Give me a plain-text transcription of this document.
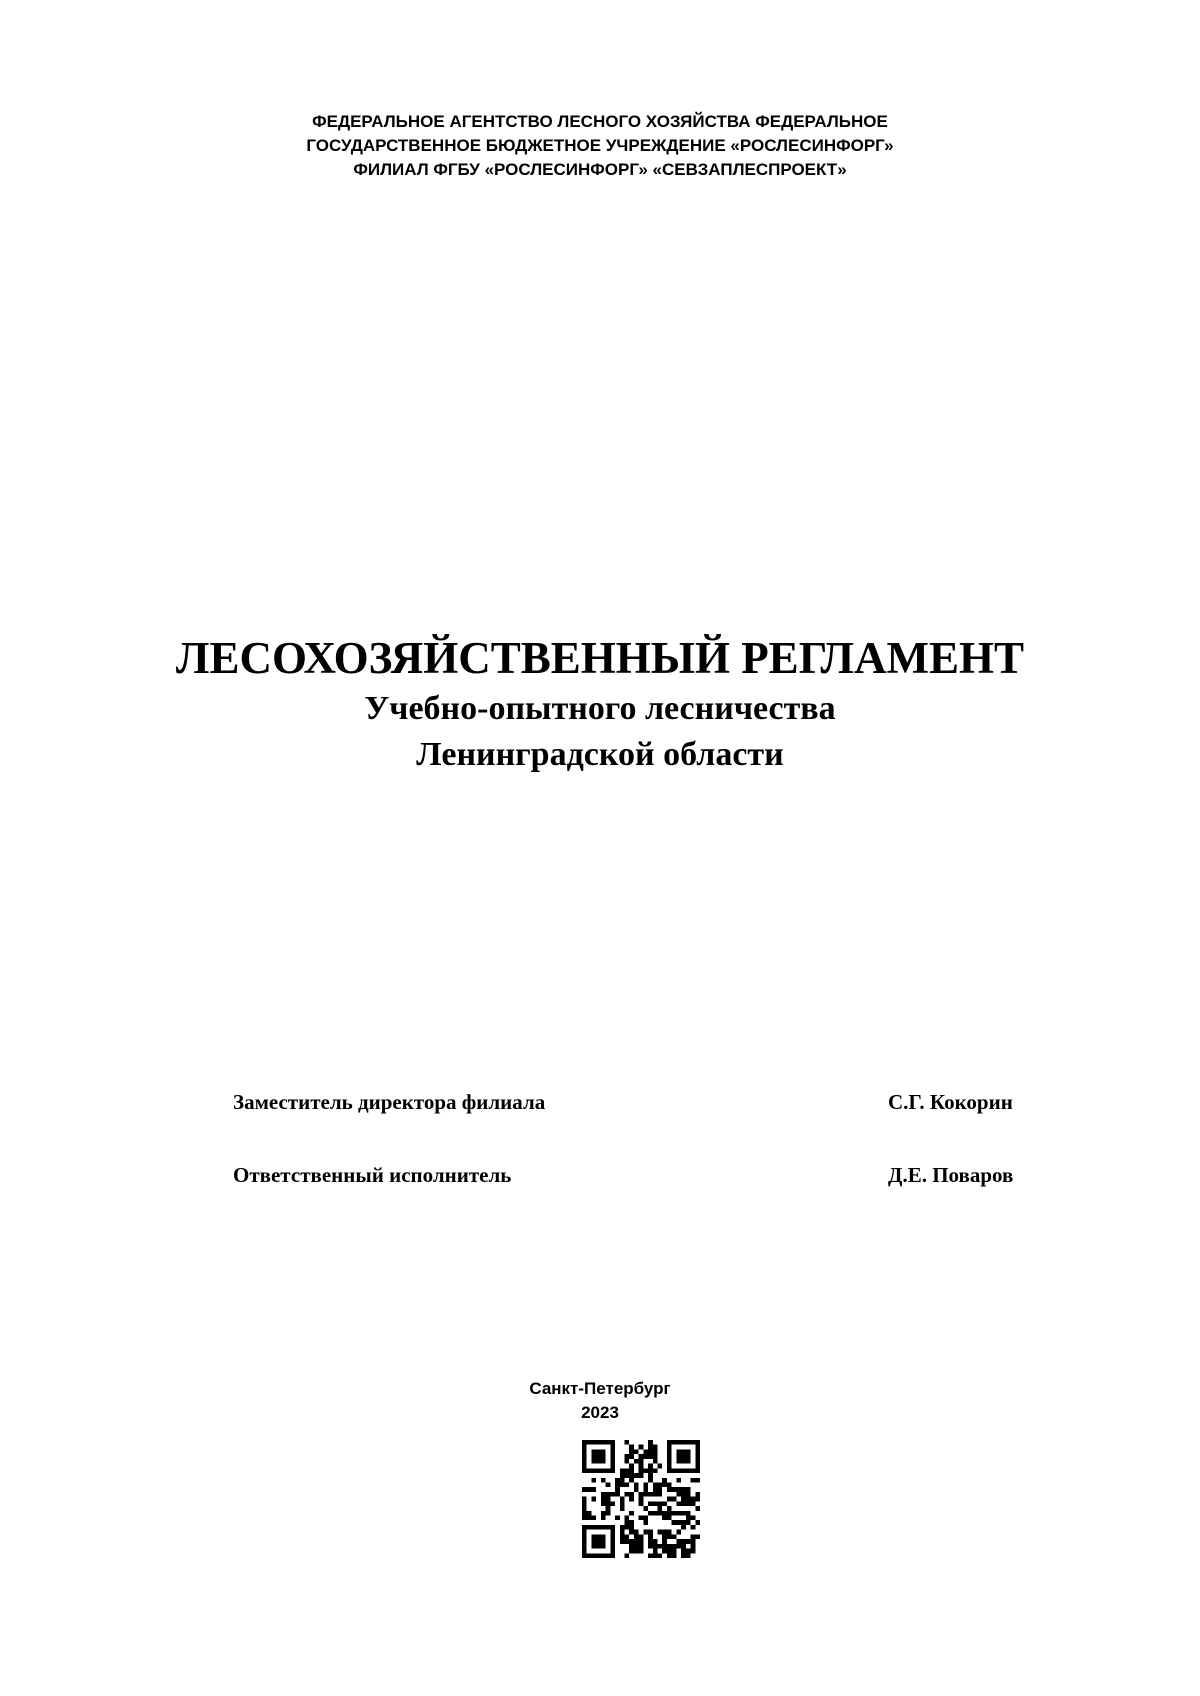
ФЕДЕРАЛЬНОЕ АГЕНТСТВО ЛЕСНОГО ХОЗЯЙСТВА ФЕДЕРАЛЬНОЕ
ГОСУДАРСТВЕННОЕ БЮДЖЕТНОЕ УЧРЕЖДЕНИЕ «РОСЛЕСИНФОРГ»
ФИЛИАЛ ФГБУ «РОСЛЕСИНФОРГ» «СЕВЗАПЛЕСПРОЕКТ»
ЛЕСОХОЗЯЙСТВЕННЫЙ РЕГЛАМЕНТ
Учебно-опытного лесничества
Ленинградской области
Заместитель директора филиала	С.Г. Кокорин
Ответственный исполнитель	Д.Е. Поваров
Санкт-Петербург
2023
